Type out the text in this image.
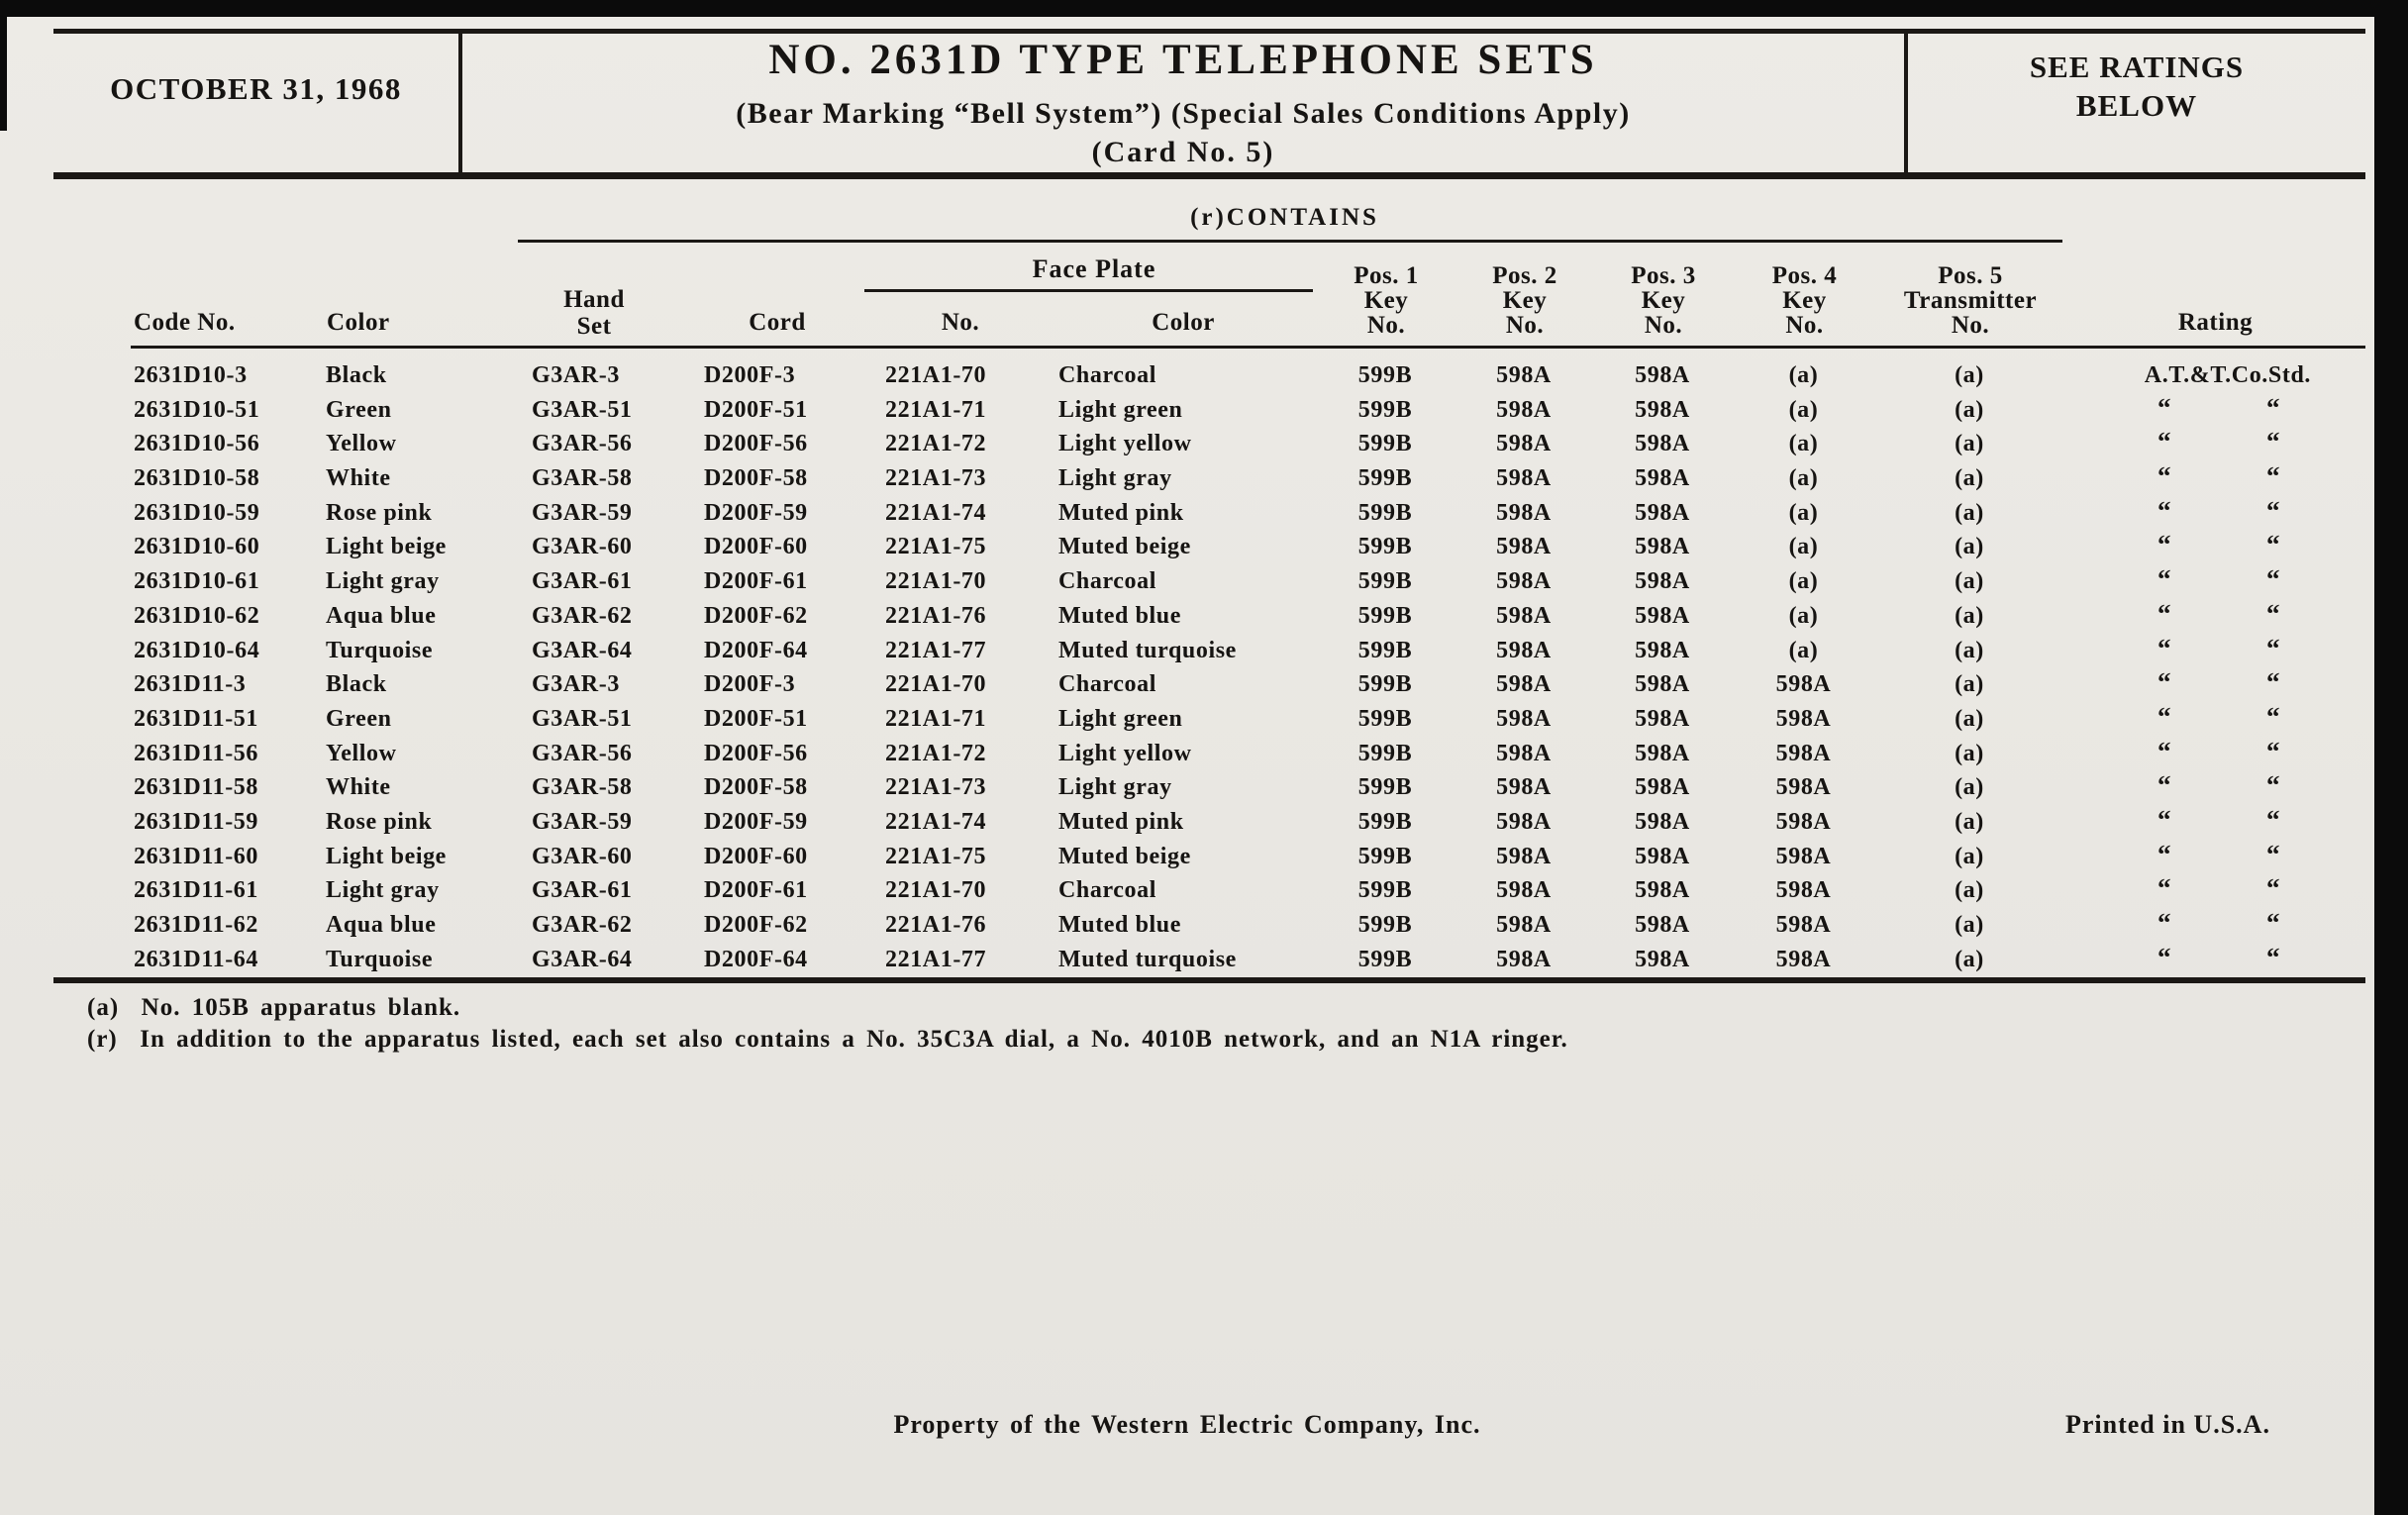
OCTOBER 31, 1968
NO. 2631D TYPE TELEPHONE SETS
(Bear Marking “Bell System”) (Special Sales Conditions Apply)
(Card No. 5)
SEE RATINGS
BELOW
(r)CONTAINS
Face Plate
Code No.	Color
Hand
Set	Cord	No.	Color
Pos. 1
Key
No.
Pos. 2
Key
No.
Pos. 3
Key
No.
Pos. 4
Key
No.
Pos. 5
Transmitter
No.	Rating
2631D10-3	Black	G3AR-3	D200F-3	221A1-70	Charcoal	599B	598A	598A	(a)	(a)	A.T.&T.Co.Std.
2631D10-51	Green	G3AR-51	D200F-51	221A1-71	Light green	599B	598A	598A	(a)	(a)	“	“
2631D10-56	Yellow	G3AR-56	D200F-56	221A1-72	Light yellow	599B	598A	598A	(a)	(a)	“	“
2631D10-58	White	G3AR-58	D200F-58	221A1-73	Light gray	599B	598A	598A	(a)	(a)	“	“
2631D10-59	Rose pink	G3AR-59	D200F-59	221A1-74	Muted pink	599B	598A	598A	(a)	(a)	“	“
2631D10-60	Light beige	G3AR-60	D200F-60	221A1-75	Muted beige	599B	598A	598A	(a)	(a)	“	“
2631D10-61	Light gray	G3AR-61	D200F-61	221A1-70	Charcoal	599B	598A	598A	(a)	(a)	“	“
2631D10-62	Aqua blue	G3AR-62	D200F-62	221A1-76	Muted blue	599B	598A	598A	(a)	(a)	“	“
2631D10-64	Turquoise	G3AR-64	D200F-64	221A1-77	Muted turquoise	599B	598A	598A	(a)	(a)	“	“
2631D11-3	Black	G3AR-3	D200F-3	221A1-70	Charcoal	599B	598A	598A	598A	(a)	“	“
2631D11-51	Green	G3AR-51	D200F-51	221A1-71	Light green	599B	598A	598A	598A	(a)	“	“
2631D11-56	Yellow	G3AR-56	D200F-56	221A1-72	Light yellow	599B	598A	598A	598A	(a)	“	“
2631D11-58	White	G3AR-58	D200F-58	221A1-73	Light gray	599B	598A	598A	598A	(a)	“	“
2631D11-59	Rose pink	G3AR-59	D200F-59	221A1-74	Muted pink	599B	598A	598A	598A	(a)	“	“
2631D11-60	Light beige	G3AR-60	D200F-60	221A1-75	Muted beige	599B	598A	598A	598A	(a)	“	“
2631D11-61	Light gray	G3AR-61	D200F-61	221A1-70	Charcoal	599B	598A	598A	598A	(a)	“	“
2631D11-62	Aqua blue	G3AR-62	D200F-62	221A1-76	Muted blue	599B	598A	598A	598A	(a)	“	“
2631D11-64	Turquoise	G3AR-64	D200F-64	221A1-77	Muted turquoise	599B	598A	598A	598A	(a)	“	“
(a)  No. 105B apparatus blank.
(r)  In addition to the apparatus listed, each set also contains a No. 35C3A dial, a No. 4010B network, and an N1A ringer.
Property of the Western Electric Company, Inc.	Printed in U.S.A.
